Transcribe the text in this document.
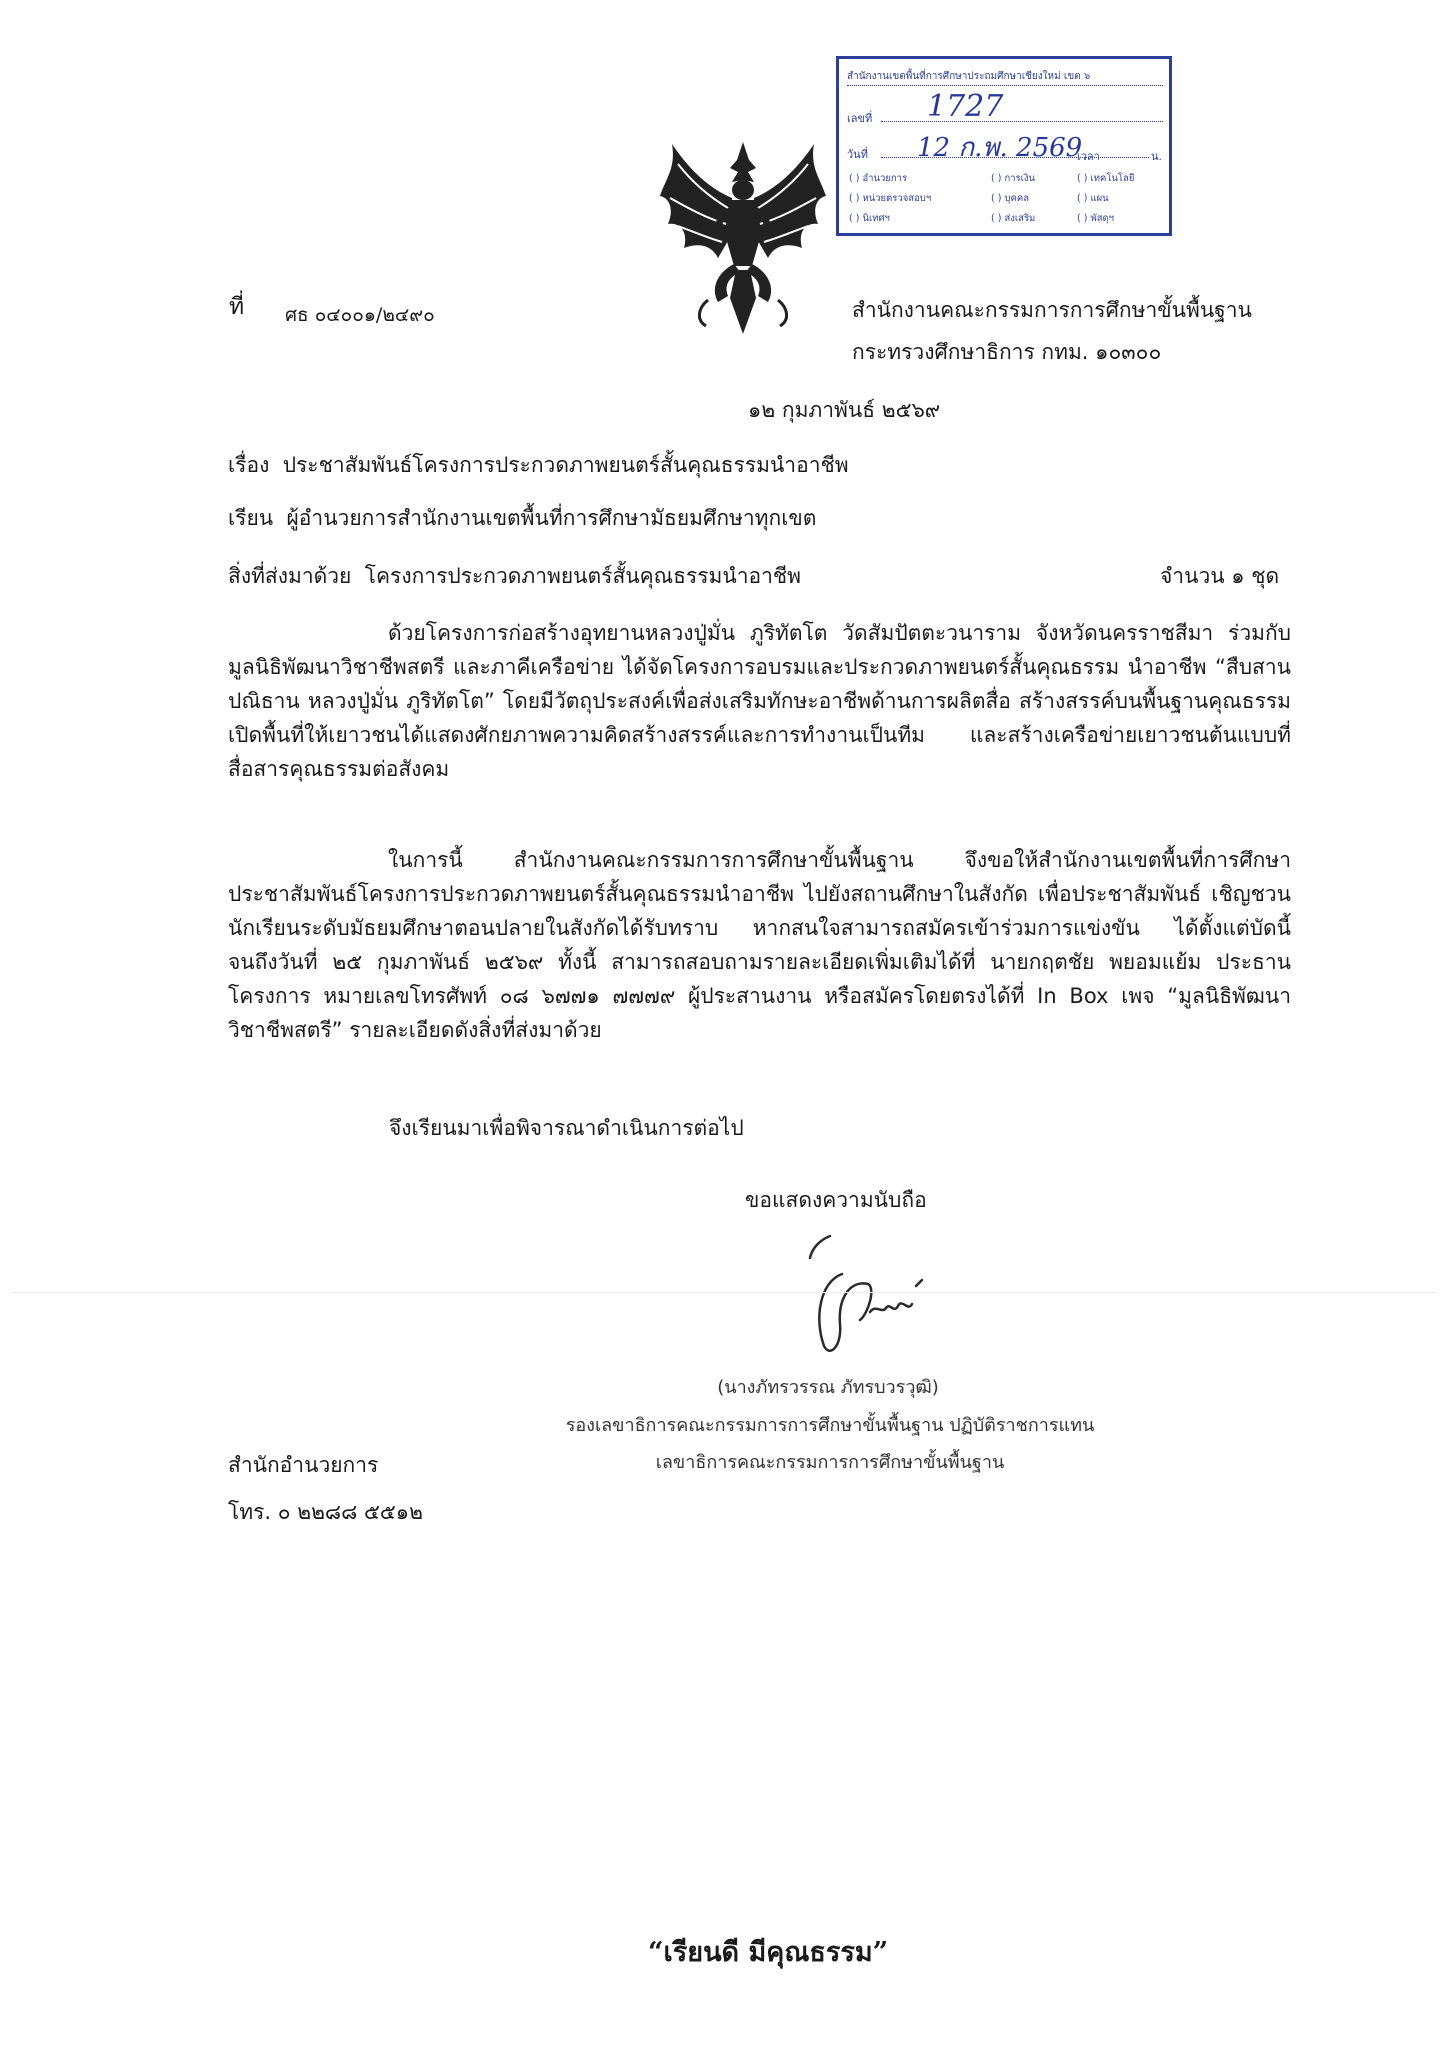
สำนักงานเขตพื้นที่การศึกษาประถมศึกษาเชียงใหม่ เขต ๖
เลขที่ 1727
วันที่ 12 ก.พ. 2569
เวลา	น.
( ) อำนวยการ	( ) การเงิน	( ) เทคโนโลยี
( ) หน่วยตรวจสอบฯ	( ) บุคคล	( ) แผน
( ) นิเทศฯ	( ) ส่งเสริม	( ) พัสดุฯ
ที่ ศธ ๐๔๐๐๑/๒๔๙๐	สำนักงานคณะกรรมการการศึกษาขั้นพื้นฐาน
กระทรวงศึกษาธิการ กทม. ๑๐๓๐๐
๑๒ กุมภาพันธ์ ๒๕๖๙
เรื่อง ประชาสัมพันธ์โครงการประกวดภาพยนตร์สั้นคุณธรรมนำอาชีพ
เรียน ผู้อำนวยการสำนักงานเขตพื้นที่การศึกษามัธยมศึกษาทุกเขต
สิ่งที่ส่งมาด้วย โครงการประกวดภาพยนตร์สั้นคุณธรรมนำอาชีพ	จำนวน ๑ ชุด
ด้วยโครงการก่อสร้างอุทยานหลวงปู่มั่น ภูริทัตโต วัดสัมปัตตะวนาราม จังหวัดนครราชสีมา ร่วมกับ มูลนิธิพัฒนาวิชาชีพสตรี และภาคีเครือข่าย ได้จัดโครงการอบรมและประกวดภาพยนตร์สั้นคุณธรรม นำอาชีพ “สืบสานปณิธาน หลวงปู่มั่น ภูริทัตโต” โดยมีวัตถุประสงค์เพื่อส่งเสริมทักษะอาชีพด้านการผลิตสื่อ สร้างสรรค์บนพื้นฐานคุณธรรม เปิดพื้นที่ให้เยาวชนได้แสดงศักยภาพความคิดสร้างสรรค์และการทำงานเป็นทีม และสร้างเครือข่ายเยาวชนต้นแบบที่สื่อสารคุณธรรมต่อสังคม
ในการนี้ สำนักงานคณะกรรมการการศึกษาขั้นพื้นฐาน จึงขอให้สำนักงานเขตพื้นที่การศึกษา ประชาสัมพันธ์โครงการประกวดภาพยนตร์สั้นคุณธรรมนำอาชีพ ไปยังสถานศึกษาในสังกัด เพื่อประชาสัมพันธ์ เชิญชวนนักเรียนระดับมัธยมศึกษาตอนปลายในสังกัดได้รับทราบ หากสนใจสามารถสมัครเข้าร่วมการแข่งขัน ได้ตั้งแต่บัดนี้ จนถึงวันที่ ๒๕ กุมภาพันธ์ ๒๕๖๙ ทั้งนี้ สามารถสอบถามรายละเอียดเพิ่มเติมได้ที่ นายกฤตชัย พยอมแย้ม ประธานโครงการ หมายเลขโทรศัพท์ ๐๘ ๖๗๗๑ ๗๗๗๙ ผู้ประสานงาน หรือสมัครโดยตรงได้ที่ In Box เพจ “มูลนิธิพัฒนาวิชาชีพสตรี” รายละเอียดดังสิ่งที่ส่งมาด้วย
จึงเรียนมาเพื่อพิจารณาดำเนินการต่อไป
ขอแสดงความนับถือ
(นางภัทรวรรณ ภัทรบวรวุฒิ)
รองเลขาธิการคณะกรรมการการศึกษาขั้นพื้นฐาน ปฏิบัติราชการแทน
เลขาธิการคณะกรรมการการศึกษาขั้นพื้นฐาน
สำนักอำนวยการ
โทร. ๐ ๒๒๘๘ ๕๕๑๒
“เรียนดี มีคุณธรรม”
